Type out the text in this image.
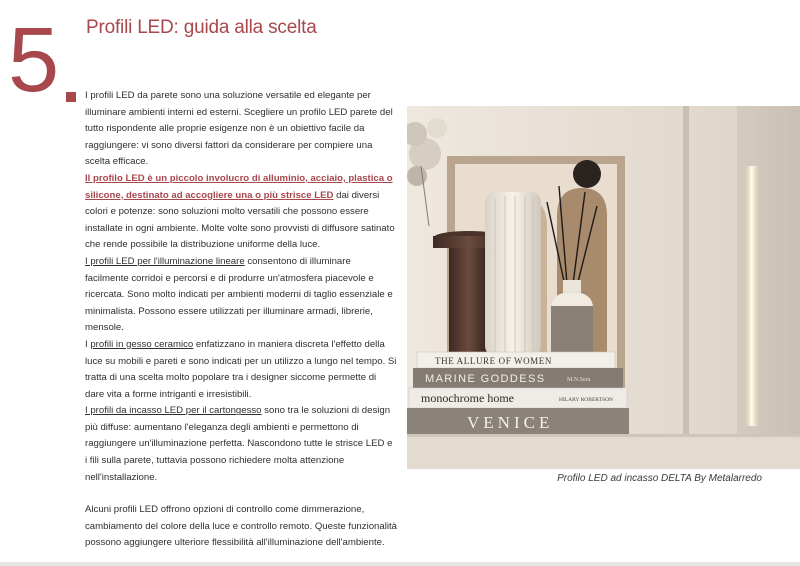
5 Profili LED: guida alla scelta

I profili LED da parete sono una soluzione versatile ed elegante per illuminare ambienti interni ed esterni. Scegliere un profilo LED parete del tutto rispondente alle proprie esigenze non è un obiettivo facile da raggiungere: vi sono diversi fattori da considerare per compiere una scelta efficace.

Il profilo LED è un piccolo involucro di alluminio, acciaio, plastica o silicone, destinato ad accogliere una o più strisce LED dai diversi colori e potenze: sono soluzioni molto versatili che possono essere installate in ogni ambiente. Molte volte sono provvisti di diffusore satinato che rende possibile la distribuzione uniforme della luce.

I profili LED per l'illuminazione lineare consentono di illuminare facilmente corridoi e percorsi e di produrre un'atmosfera piacevole e ricercata. Sono molto indicati per ambienti moderni di taglio essenziale e minimalista. Possono essere utilizzati per illuminare armadi, librerie, mensole.

I profili in gesso ceramico enfatizzano in maniera discreta l'effetto della luce su mobili e pareti e sono indicati per un utilizzo a lungo nel tempo. Si tratta di una scelta molto popolare tra i designer siccome permette di dare vita a forme intriganti e irresistibili.

I profili da incasso LED per il cartongesso sono tra le soluzioni di design più diffuse: aumentano l'eleganza degli ambienti e permettono di raggiungere un'illuminazione perfetta. Nascondono tutte le strisce LED e i fili sulla parete, tuttavia possono richiedere molta attenzione nell'installazione.

Alcuni profili LED offrono opzioni di controllo come dimmerazione, cambiamento del colore della luce e controllo remoto. Queste funzionalità possono aggiungere ulteriore flessibilità all'illuminazione dell'ambiente.

THE ALLURE OF WOMEN
MARINE GODDESS	M.N.Sera
monochrome home	HILARY ROBERTSON
VENICE
Profilo LED ad incasso DELTA By Metalarredo
